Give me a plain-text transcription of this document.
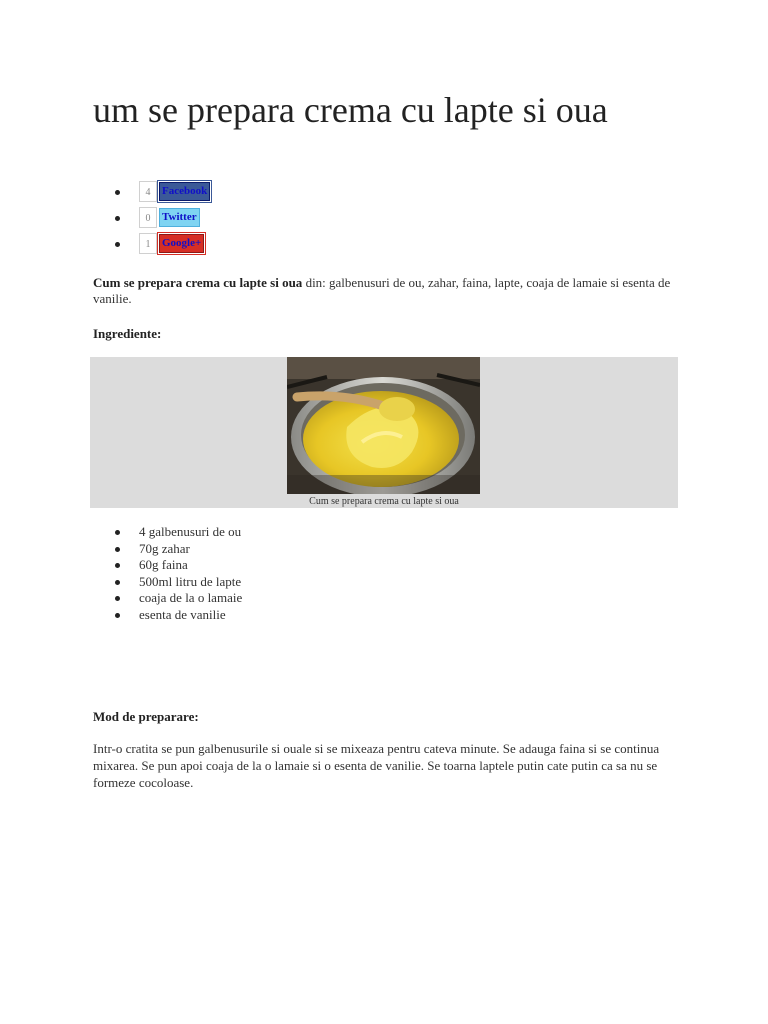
um se prepara crema cu lapte si oua
4	Facebook
0	Twitter
1	Google+

Cum se prepara crema cu lapte si oua din: galbenusuri de ou, zahar, faina, lapte, coaja de lamaie si esenta de vanilie.

Ingrediente:

Cum se prepara crema cu lapte si oua
4 galbenusuri de ou
70g zahar
60g faina
500ml litru de lapte
coaja de la o lamaie
esenta de vanilie

Mod de preparare:

Intr-o cratita se pun galbenusurile si ouale si se mixeaza pentru cateva minute. Se adauga faina si se continua mixarea. Se pun apoi coaja de la o lamaie si o esenta de vanilie. Se toarna laptele putin cate putin ca sa nu se formeze cocoloase.
